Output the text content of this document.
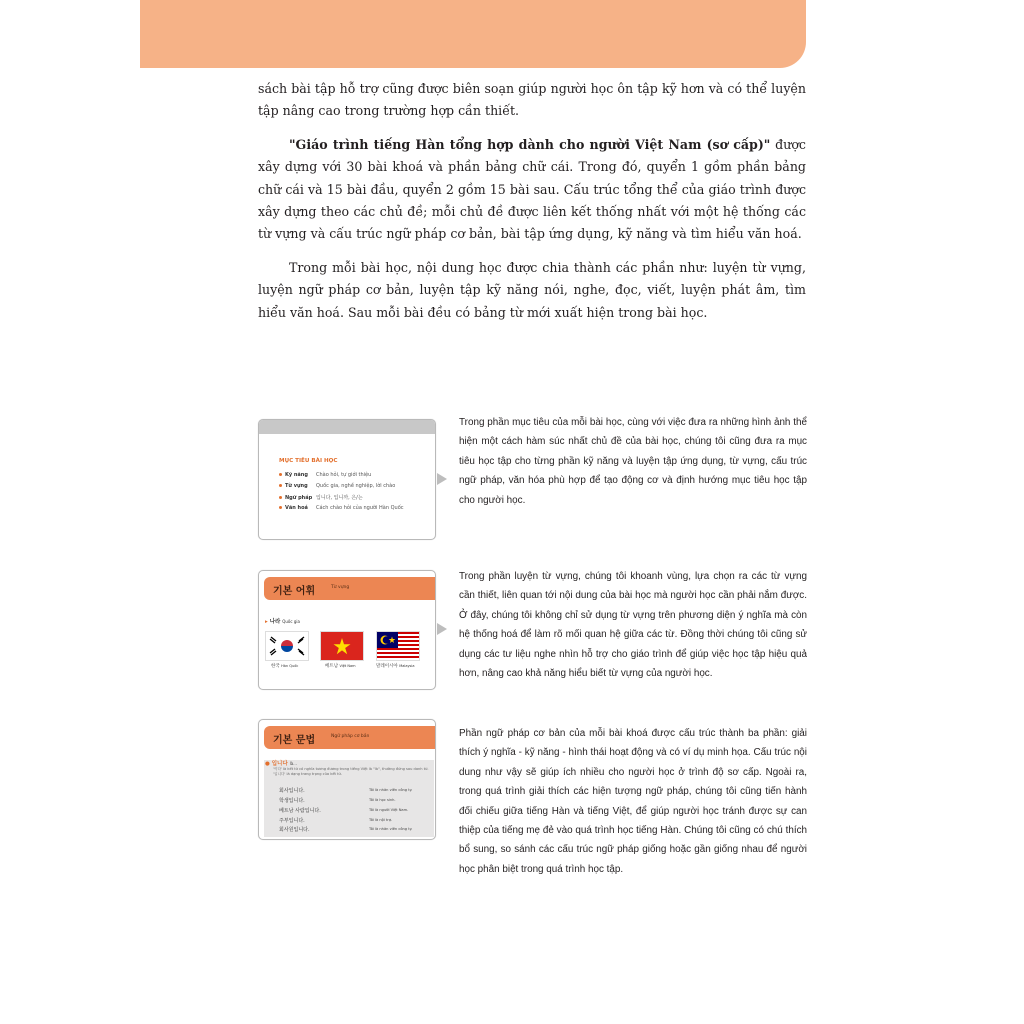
sách bài tập hỗ trợ cũng được biên soạn giúp người học ôn tập kỹ hơn và có thể luyện tập nâng cao trong trường hợp cần thiết.

"Giáo trình tiếng Hàn tổng hợp dành cho người Việt Nam (sơ cấp)" được xây dựng với 30 bài khoá và phần bảng chữ cái. Trong đó, quyển 1 gồm phần bảng chữ cái và 15 bài đầu, quyển 2 gồm 15 bài sau. Cấu trúc tổng thể của giáo trình được xây dựng theo các chủ đề; mỗi chủ đề được liên kết thống nhất với một hệ thống các từ vựng và cấu trúc ngữ pháp cơ bản, bài tập ứng dụng, kỹ năng và tìm hiểu văn hoá.

Trong mỗi bài học, nội dung học được chia thành các phần như: luyện từ vựng, luyện ngữ pháp cơ bản, luyện tập kỹ năng nói, nghe, đọc, viết, luyện phát âm, tìm hiểu văn hoá. Sau mỗi bài đều có bảng từ mới xuất hiện trong bài học.

MỤC TIÊU BÀI HỌC
Kỹ năng Chào hỏi, tự giới thiệu
Từ vựng Quốc gia, nghề nghiệp, lời chào
Ngữ pháp 입니다, 입니까, 은/는
Văn hoá Cách chào hỏi của người Hàn Quốc
기본 어휘	Từ vựng
▸ 나라 Quốc gia
한국 Hàn Quốc	베트남 Việt Nam	말레이시아 Malaysia
기본 문법	Ngữ pháp cơ bản
● 입니다 là...
'이다' là kết từ có nghĩa tương đương trong tiếng Việt là "là", thường đứng sau danh từ. '입니다' là dạng trang trọng của kết từ.
회사입니다.	Tôi là nhân viên công ty.
학생입니다.	Tôi là học sinh.
베트남 사람입니다.	Tôi là người Việt Nam.
주부입니다.	Tôi là nội trợ.
회사원입니다.	Tôi là nhân viên công ty.

Trong phần mục tiêu của mỗi bài học, cùng với việc đưa ra những hình ảnh thể hiện một cách hàm súc nhất chủ đề của bài học, chúng tôi cũng đưa ra mục tiêu học tập cho từng phần kỹ năng và luyện tập ứng dụng, từ vựng, cấu trúc ngữ pháp, văn hóa phù hợp để tạo động cơ và định hướng mục tiêu học tập cho người học.

Trong phần luyện từ vựng, chúng tôi khoanh vùng, lựa chọn ra các từ vựng cần thiết, liên quan tới nội dung của bài học mà người học cần phải nắm được. Ở đây, chúng tôi không chỉ sử dụng từ vựng trên phương diện ý nghĩa mà còn hệ thống hoá để làm rõ mối quan hệ giữa các từ. Đồng thời chúng tôi cũng sử dụng các tư liệu nghe nhìn hỗ trợ cho giáo trình để giúp việc học tập hiệu quả hơn, nâng cao khả năng hiểu biết từ vựng của người học.

Phần ngữ pháp cơ bản của mỗi bài khoá được cấu trúc thành ba phần: giải thích ý nghĩa - kỹ năng - hình thái hoạt động và có ví dụ minh họa. Cấu trúc nội dung như vậy sẽ giúp ích nhiều cho người học ở trình độ sơ cấp. Ngoài ra, trong quá trình giải thích các hiện tượng ngữ pháp, chúng tôi cũng tiến hành đối chiếu giữa tiếng Hàn và tiếng Việt, để giúp người học tránh được sự can thiệp của tiếng mẹ đẻ vào quá trình học tiếng Hàn. Chúng tôi cũng có chú thích bổ sung, so sánh các cấu trúc ngữ pháp giống hoặc gần giống nhau để người học phân biệt trong quá trình học tập.
